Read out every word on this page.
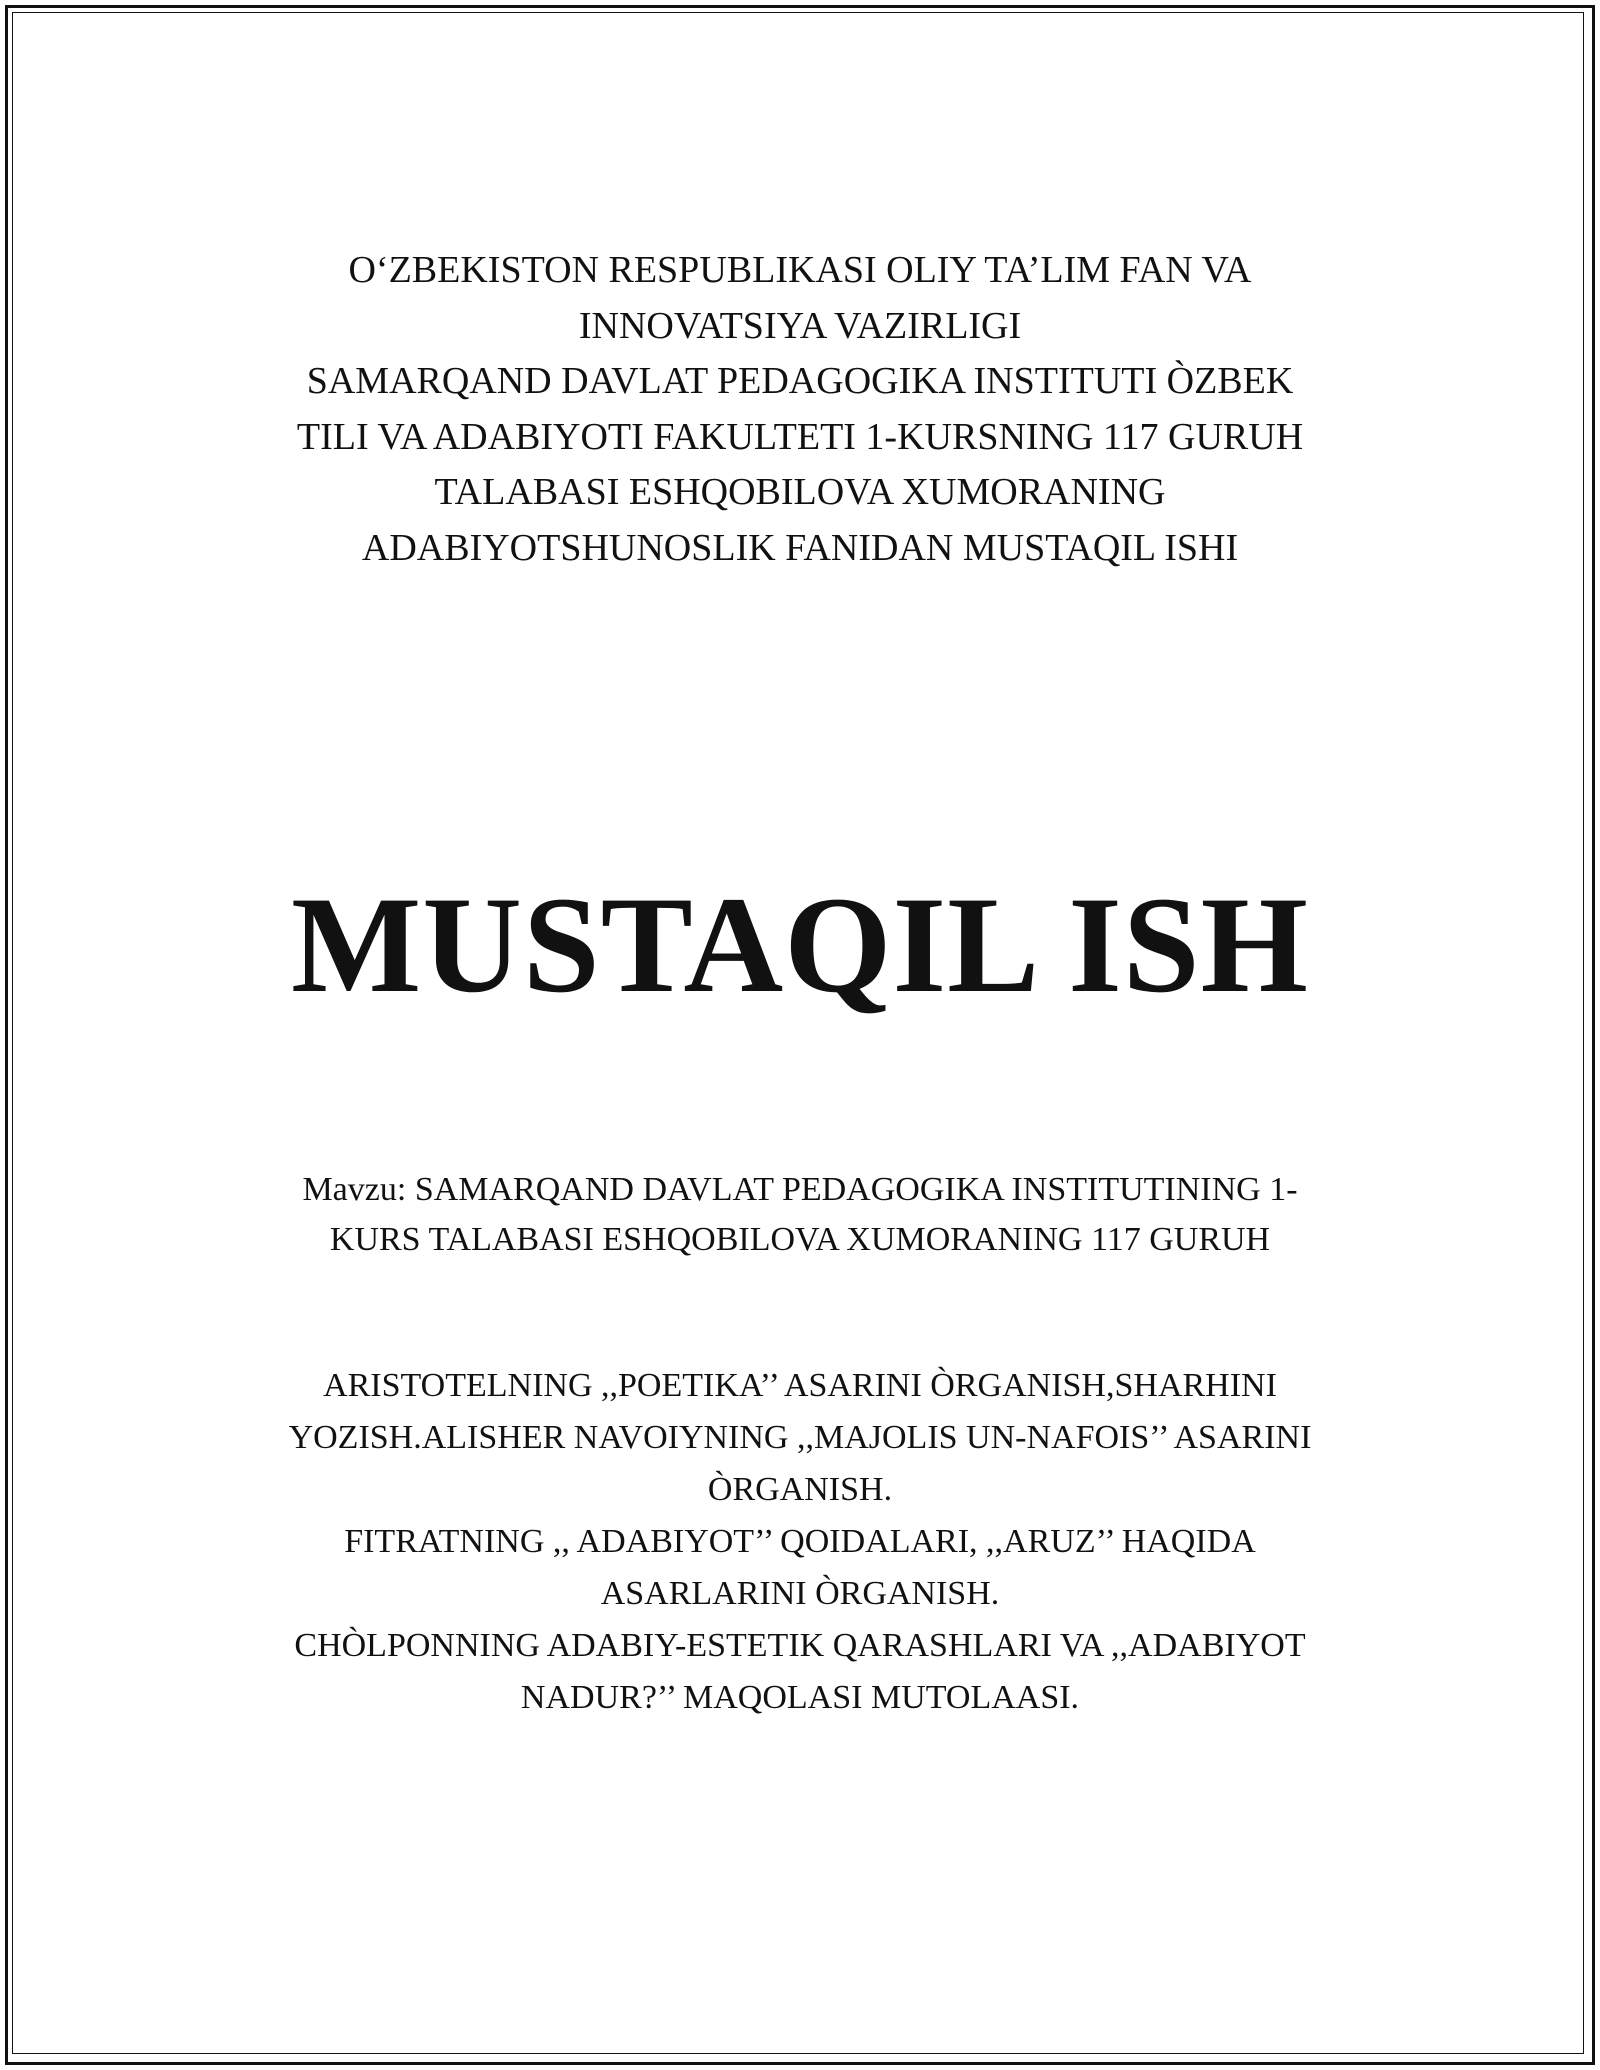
O‘ZBEKISTON RESPUBLIKASI OLIY TA’LIM FAN VA
INNOVATSIYA VAZIRLIGI
SAMARQAND DAVLAT PEDAGOGIKA INSTITUTI ÒZBEK
TILI VA ADABIYOTI FAKULTETI 1-KURSNING 117 GURUH
TALABASI ESHQOBILOVA XUMORANING
ADABIYOTSHUNOSLIK FANIDAN MUSTAQIL ISHI
MUSTAQIL ISH
Mavzu: SAMARQAND DAVLAT PEDAGOGIKA INSTITUTINING 1-
KURS TALABASI ESHQOBILOVA XUMORANING 117 GURUH
ARISTOTELNING ,,POETIKA’’ ASARINI ÒRGANISH,SHARHINI
YOZISH.ALISHER NAVOIYNING ,,MAJOLIS UN-NAFOIS’’ ASARINI
ÒRGANISH.
FITRATNING ,, ADABIYOT’’ QOIDALARI, ,,ARUZ’’ HAQIDA
ASARLARINI ÒRGANISH.
CHÒLPONNING ADABIY-ESTETIK QARASHLARI VA ,,ADABIYOT
NADUR?’’ MAQOLASI MUTOLAASI.
